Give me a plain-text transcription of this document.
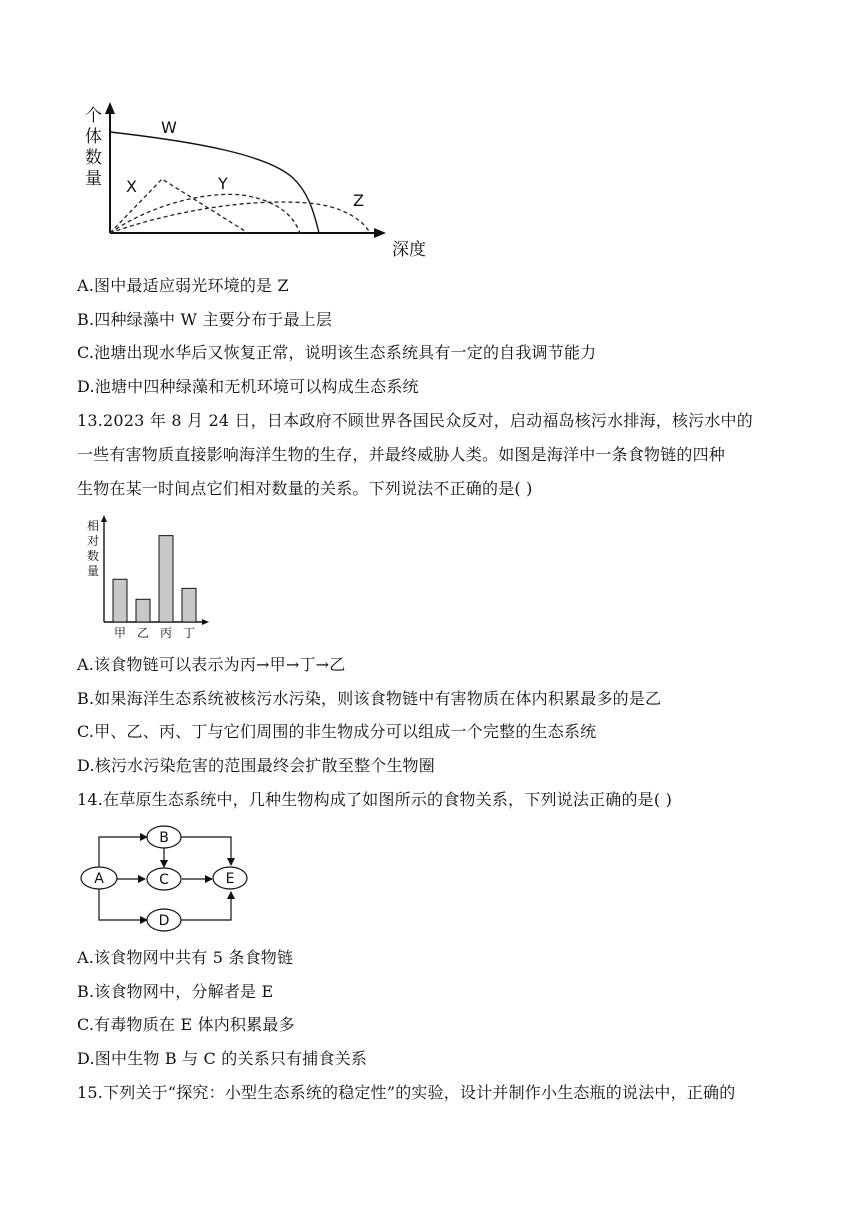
个
体
数
量
深度
W
X	Y
Z
A.图中最适应弱光环境的是 Z
B.四种绿藻中 W 主要分布于最上层
C.池塘出现水华后又恢复正常，说明该生态系统具有一定的自我调节能力
D.池塘中四种绿藻和无机环境可以构成生态系统
13.2023 年 8 月 24 日，日本政府不顾世界各国民众反对，启动福岛核污水排海，核污水中的
一些有害物质直接影响海洋生物的生存，并最终威胁人类。如图是海洋中一条食物链的四种
生物在某一时间点它们相对数量的关系。下列说法不正确的是( )
相
对
数
量
甲 乙 丙 丁
A.该食物链可以表示为丙→甲→丁→乙
B.如果海洋生态系统被核污水污染，则该食物链中有害物质在体内积累最多的是乙
C.甲、乙、丙、丁与它们周围的非生物成分可以组成一个完整的生态系统
D.核污水污染危害的范围最终会扩散至整个生物圈
14.在草原生态系统中，几种生物构成了如图所示的食物关系，下列说法正确的是( )
A
B
C
D
E
A.该食物网中共有 5 条食物链
B.该食物网中，分解者是 E
C.有毒物质在 E 体内积累最多
D.图中生物 B 与 C 的关系只有捕食关系
15.下列关于“探究：小型生态系统的稳定性”的实验，设计并制作小生态瓶的说法中，正确的
